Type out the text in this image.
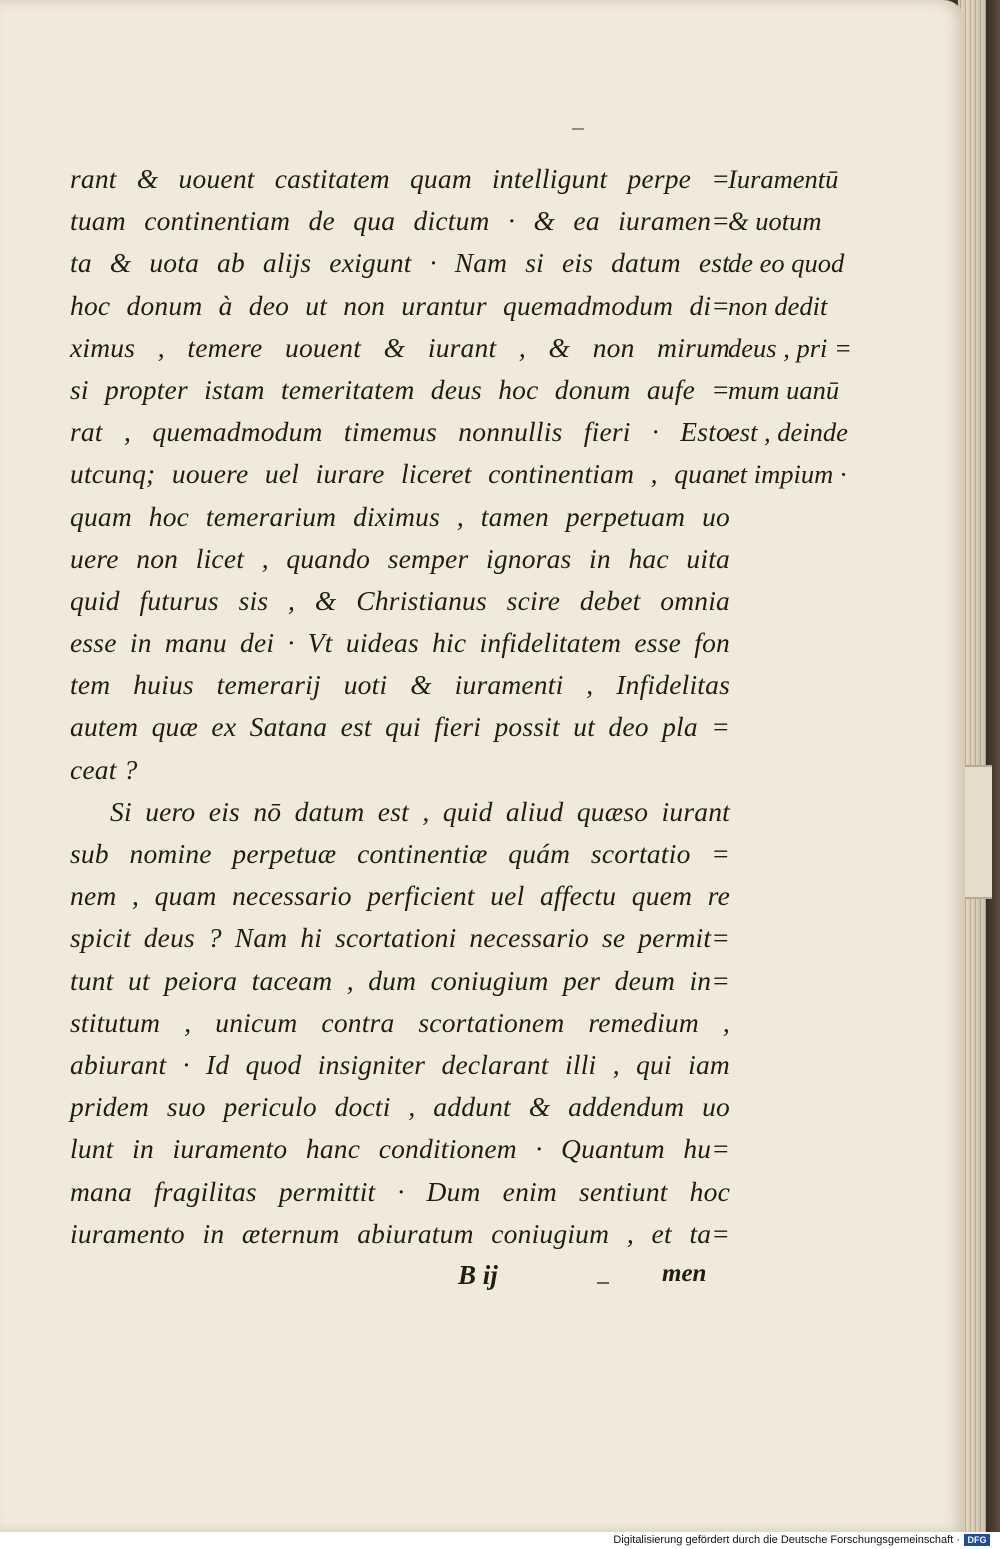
rant & uouent castitatem quam intelligunt perpe =
tuam continentiam de qua dictum · & ea iuramen=
ta & uota ab alijs exigunt · Nam si eis datum est
hoc donum à deo ut non urantur quemadmodum di=
ximus , temere uouent & iurant , & non mirum
si propter istam temeritatem deus hoc donum aufe =
rat , quemadmodum timemus nonnullis fieri · Esto
utcunq; uouere uel iurare liceret continentiam , quan
quam hoc temerarium diximus , tamen perpetuam uo
uere non licet , quando semper ignoras in hac uita
quid futurus sis , & Christianus scire debet omnia
esse in manu dei · Vt uideas hic infidelitatem esse fon
tem huius temerarij uoti & iuramenti , Infidelitas
autem quæ ex Satana est qui fieri possit ut deo pla =
ceat ?
Si uero eis nō datum est , quid aliud quæso iurant
sub nomine perpetuæ continentiæ quám scortatio =
nem , quam necessario perficient uel affectu quem re
spicit deus ? Nam hi scortationi necessario se permit=
tunt ut peiora taceam , dum coniugium per deum in=
stitutum , unicum contra scortationem remedium ,
abiurant · Id quod insigniter declarant illi , qui iam
pridem suo periculo docti , addunt & addendum uo
lunt in iuramento hanc conditionem · Quantum hu=
mana fragilitas permittit · Dum enim sentiunt hoc
iuramento in æternum abiuratum coniugium , et ta=
Iuramentū
& uotum
de eo quod
non dedit
deus , pri =
mum uanū
est , deinde
et impium ·
B ij	men
Digitalisierung gefördert durch die Deutsche Forschungsgemeinschaft · DFG
